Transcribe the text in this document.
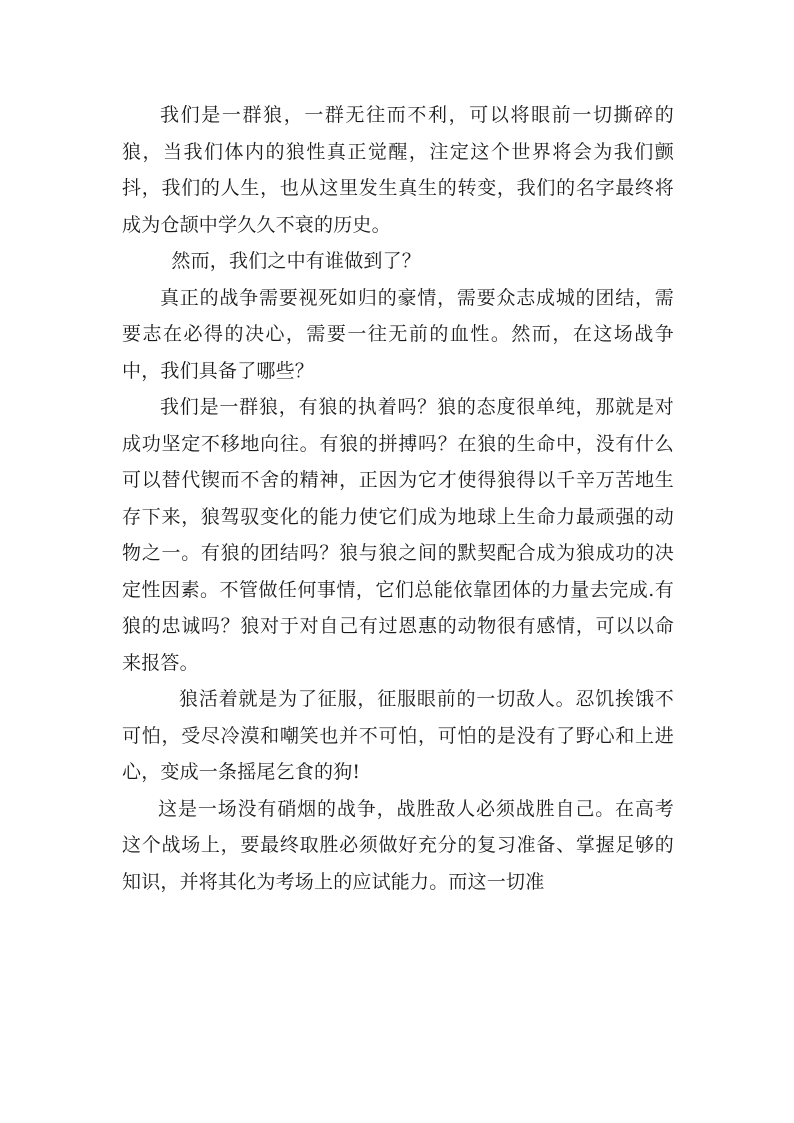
我们是一群狼，一群无往而不利，可以将眼前一切撕碎的狼，当我们体内的狼性真正觉醒，注定这个世界将会为我们颤抖，我们的人生，也从这里发生真生的转变，我们的名字最终将成为仓颉中学久久不衰的历史。

然而，我们之中有谁做到了？

真正的战争需要视死如归的豪情，需要众志成城的团结，需要志在必得的决心，需要一往无前的血性。然而，在这场战争中，我们具备了哪些？

我们是一群狼，有狼的执着吗？狼的态度很单纯，那就是对成功坚定不移地向往。有狼的拼搏吗？在狼的生命中，没有什么可以替代锲而不舍的精神，正因为它才使得狼得以千辛万苦地生存下来，狼驾驭变化的能力使它们成为地球上生命力最顽强的动物之一。有狼的团结吗？狼与狼之间的默契配合成为狼成功的决定性因素。不管做任何事情，它们总能依靠团体的力量去完成.有狼的忠诚吗？狼对于对自己有过恩惠的动物很有感情，可以以命来报答。

狼活着就是为了征服，征服眼前的一切敌人。忍饥挨饿不可怕，受尽冷漠和嘲笑也并不可怕，可怕的是没有了野心和上进心，变成一条摇尾乞食的狗!

这是一场没有硝烟的战争，战胜敌人必须战胜自己。在高考这个战场上，要最终取胜必须做好充分的复习准备、掌握足够的知识，并将其化为考场上的应试能力。而这一切准
